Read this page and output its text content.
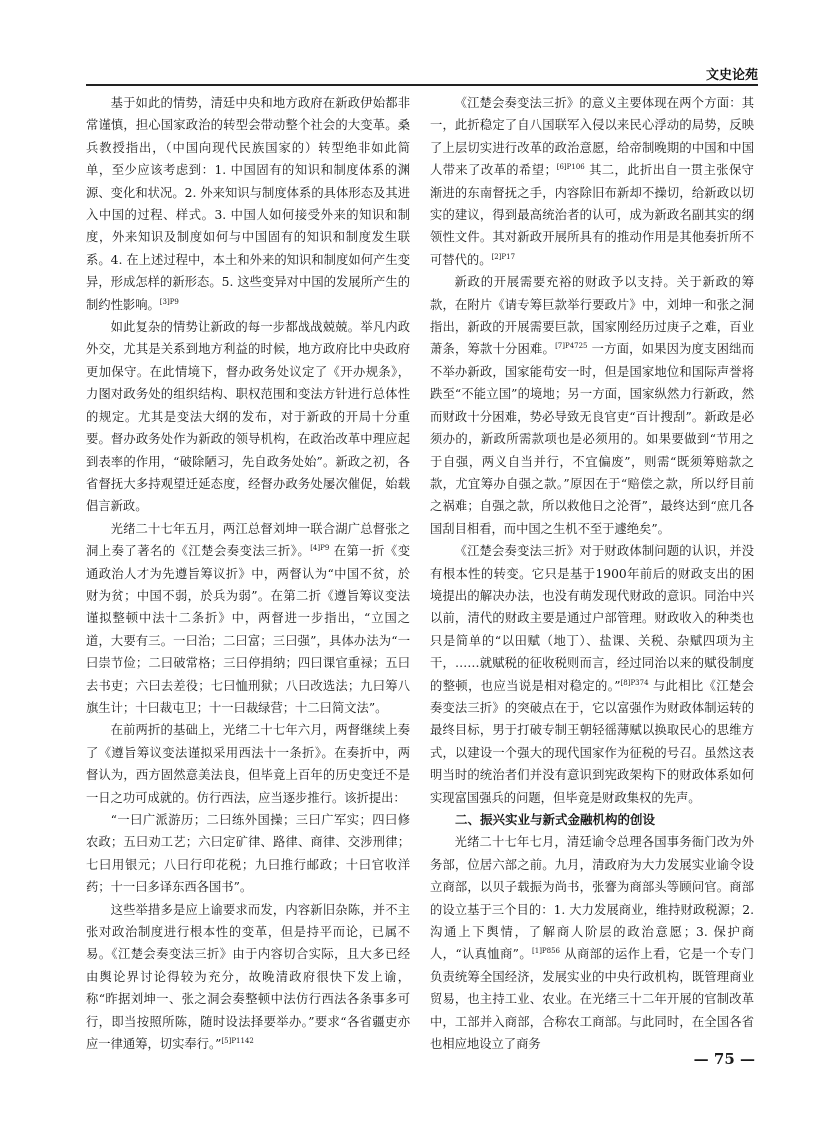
文史论苑

基于如此的情势，清廷中央和地方政府在新政伊始都非常谨慎，担心国家政治的转型会带动整个社会的大变革。桑兵教授指出，（中国向现代民族国家的）转型绝非如此简单，至少应该考虑到：1. 中国固有的知识和制度体系的渊源、变化和状况。2. 外来知识与制度体系的具体形态及其进入中国的过程、样式。3. 中国人如何接受外来的知识和制度，外来知识及制度如何与中国固有的知识和制度发生联系。4. 在上述过程中，本土和外来的知识和制度如何产生变异，形成怎样的新形态。5. 这些变异对中国的发展所产生的制约性影响。$^{[3]P9}$

如此复杂的情势让新政的每一步都战战兢兢。举凡内政外交，尤其是关系到地方利益的时候，地方政府比中央政府更加保守。在此情境下，督办政务处议定了《开办规条》，力图对政务处的组织结构、职权范围和变法方针进行总体性的规定。尤其是变法大纲的发布，对于新政的开局十分重要。督办政务处作为新政的领导机构，在政治改革中理应起到表率的作用，“破除陋习，先自政务处始”。新政之初，各省督抚大多持观望迁延态度，经督办政务处屡次催促，始载倡言新政。

光绪二十七年五月，两江总督刘坤一联合湖广总督张之洞上奏了著名的《江楚会奏变法三折》。$^{[4]P9}$ 在第一折《变通政治人才为先遵旨筹议折》中，两督认为“中国不贫，於财为贫；中国不弱，於兵为弱”。在第二折《遵旨筹议变法谨拟整顿中法十二条折》中，两督进一步指出，“立国之道，大要有三。一曰治；二曰富；三曰强”，具体办法为“一曰崇节俭；二曰破常格；三曰停捐纳；四曰课官重禄；五曰去书吏；六曰去差役；七曰恤刑狱；八曰改选法；九曰筹八旗生计；十曰裁屯卫；十一曰裁绿营；十二曰简文法”。

在前两折的基础上，光绪二十七年六月，两督继续上奏了《遵旨筹议变法谨拟采用西法十一条折》。在奏折中，两督认为，西方固然意美法良，但毕竟上百年的历史变迁不是一日之功可成就的。仿行西法，应当逐步推行。该折提出：

“一曰广派游历；二曰练外国操；三曰广军实；四曰修农政；五曰劝工艺；六曰定矿律、路律、商律、交涉刑律；七曰用银元；八曰行印花税；九曰推行邮政；十曰官收洋药；十一曰多译东西各国书”。

这些举措多是应上谕要求而发，内容新旧杂陈，并不主张对政治制度进行根本性的变革，但是持平而论，已属不易。《江楚会奏变法三折》由于内容切合实际，且大多已经由舆论界讨论得较为充分，故晚清政府很快下发上谕，称“昨据刘坤一、张之洞会奏整顿中法仿行西法各条事多可行，即当按照所陈，随时设法择要举办。”要求“各省疆吏亦应一律通筹，切实奉行。”$^{[5]P1142}$

《江楚会奏变法三折》的意义主要体现在两个方面：其一，此折稳定了自八国联军入侵以来民心浮动的局势，反映了上层切实进行改革的政治意愿，给帝制晚期的中国和中国人带来了改革的希望；$^{[6]P106}$ 其二，此折出自一贯主张保守渐进的东南督抚之手，内容除旧布新却不操切，给新政以切实的建议，得到最高统治者的认可，成为新政名副其实的纲领性文件。其对新政开展所具有的推动作用是其他奏折所不可替代的。$^{[2]P17}$

新政的开展需要充裕的财政予以支持。关于新政的筹款，在附片《请专筹巨款举行要政片》中，刘坤一和张之洞指出，新政的开展需要巨款，国家刚经历过庚子之难，百业萧条，筹款十分困难。$^{[7]P4725}$ 一方面，如果因为度支困绌而不举办新政，国家能苟安一时，但是国家地位和国际声誉将跌至“不能立国”的境地；另一方面，国家纵然力行新政，然而财政十分困难，势必导致无良官吏“百计搜刮”。新政是必须办的，新政所需款项也是必须用的。如果要做到“节用之于自强，两义自当并行，不宜偏废”，则需“既须筹赔款之款，尤宜筹办自强之款。”原因在于“赔偿之款，所以纾目前之祸难；自强之款，所以救他日之沦胥”，最终达到“庶几各国刮目相看，而中国之生机不至于遽绝矣”。

《江楚会奏变法三折》对于财政体制问题的认识，并没有根本性的转变。它只是基于1900年前后的财政支出的困境提出的解决办法，也没有萌发现代财政的意识。同治中兴以前，清代的财政主要是通过户部管理。财政收入的种类也只是简单的“以田赋（地丁）、盐课、关税、杂赋四项为主干，……就赋税的征收税则而言，经过同治以来的赋役制度的整顿，也应当说是相对稳定的。”$^{[8]P374}$ 与此相比《江楚会奏变法三折》的突破点在于，它以富强作为财政体制运转的最终目标，男于打破专制王朝轻徭薄赋以换取民心的思维方式，以建设一个强大的现代国家作为征税的号召。虽然这表明当时的统治者们并没有意识到宪政架构下的财政体系如何实现富国强兵的问题，但毕竟是财政集权的先声。

二、振兴实业与新式金融机构的创设

光绪二十七年七月，清廷谕令总理各国事务衙门改为外务部，位居六部之前。九月，清政府为大力发展实业谕令设立商部，以贝子载振为尚书，张謇为商部头等顾问官。商部的设立基于三个目的：1. 大力发展商业，维持财政税源；2. 沟通上下舆情，了解商人阶层的政治意愿；3. 保护商人，“认真恤商”。$^{[1]P856}$ 从商部的运作上看，它是一个专门负责统筹全国经济，发展实业的中央行政机构，既管理商业贸易，也主持工业、农业。在光绪三十二年开展的官制改革中，工部并入商部，合称农工商部。与此同时，在全国各省也相应地设立了商务

— 75 —
